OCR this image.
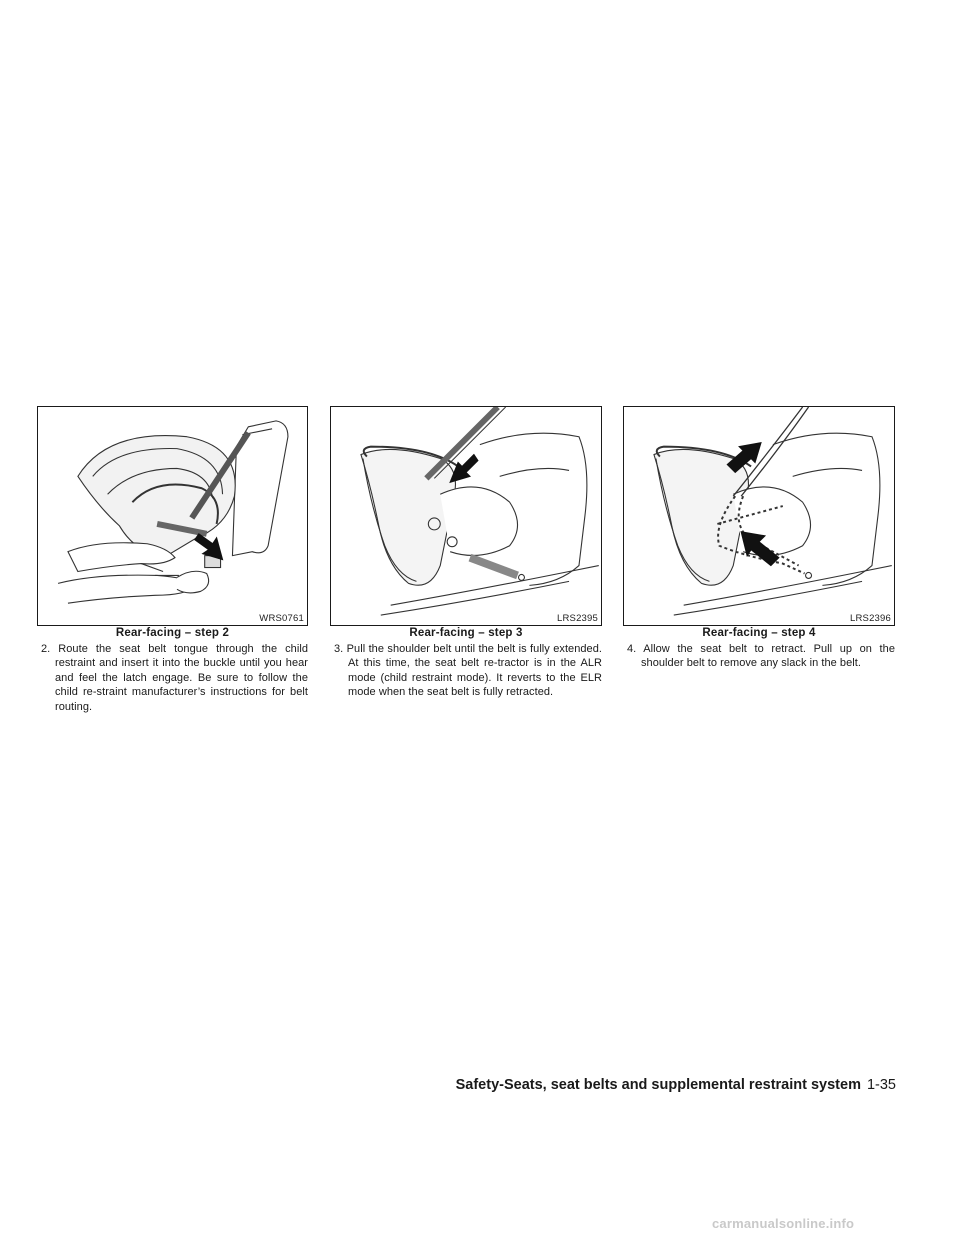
WRS0761
Rear-facing – step 2

2. Route the seat belt tongue through the child restraint and insert it into the buckle until you hear and feel the latch engage. Be sure to follow the child re-straint manufacturer’s instructions for belt routing.

LRS2395
Rear-facing – step 3

3. Pull the shoulder belt until the belt is fully extended. At this time, the seat belt re-tractor is in the ALR mode (child restraint mode). It reverts to the ELR mode when the seat belt is fully retracted.

LRS2396
Rear-facing – step 4

4. Allow the seat belt to retract. Pull up on the shoulder belt to remove any slack in the belt.

Safety-Seats, seat belts and supplemental restraint system 1-35
carmanualsonline.info
